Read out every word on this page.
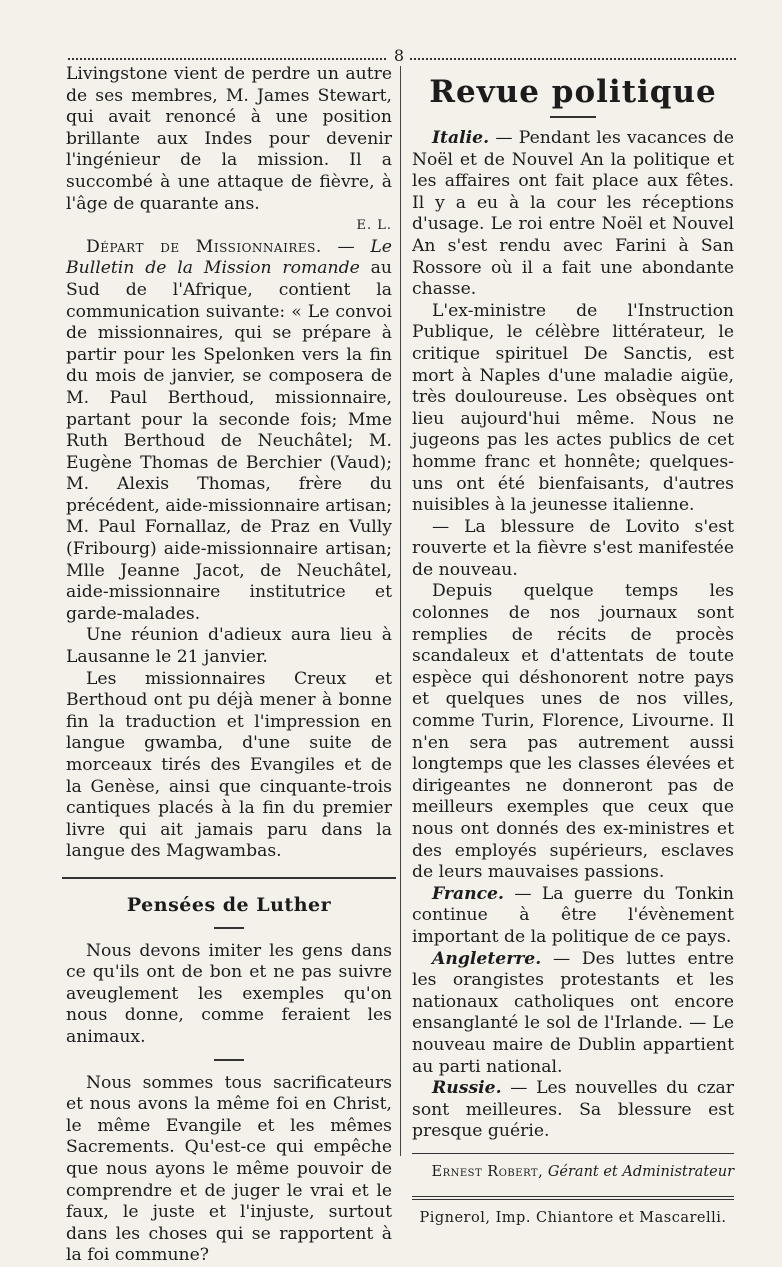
8

Livingstone vient de perdre un autre de ses membres, M. James Stewart, qui avait renoncé à une position brillante aux Indes pour devenir l'ingénieur de la mission. Il a succombé à une attaque de fièvre, à l'âge de quarante ans.

E. L.

Départ de Missionnaires. — Le Bulletin de la Mission romande au Sud de l'Afrique, contient la communication suivante: « Le convoi de missionnaires, qui se prépare à partir pour les Spelonken vers la fin du mois de janvier, se composera de M. Paul Berthoud, missionnaire, partant pour la seconde fois; Mme Ruth Berthoud de Neuchâtel; M. Eugène Thomas de Berchier (Vaud); M. Alexis Thomas, frère du précédent, aide-missionnaire artisan; M. Paul Fornallaz, de Praz en Vully (Fribourg) aide-missionnaire artisan; Mlle Jeanne Jacot, de Neuchâtel, aide-missionnaire institutrice et garde-malades.

Une réunion d'adieux aura lieu à Lausanne le 21 janvier.

Les missionnaires Creux et Berthoud ont pu déjà mener à bonne fin la traduction et l'impression en langue gwamba, d'une suite de morceaux tirés des Evangiles et de la Genèse, ainsi que cinquante-trois cantiques placés à la fin du premier livre qui ait jamais paru dans la langue des Magwambas.

Pensées de Luther

Nous devons imiter les gens dans ce qu'ils ont de bon et ne pas suivre aveuglement les exemples qu'on nous donne, comme feraient les animaux.

Nous sommes tous sacrificateurs et nous avons la même foi en Christ, le même Evangile et les mêmes Sacrements. Qu'est-ce qui empêche que nous ayons le même pouvoir de comprendre et de juger le vrai et le faux, le juste et l'injuste, surtout dans les choses qui se rapportent à la foi commune?

Revue politique

Italie. — Pendant les vacances de Noël et de Nouvel An la politique et les affaires ont fait place aux fêtes. Il y a eu à la cour les réceptions d'usage. Le roi entre Noël et Nouvel An s'est rendu avec Farini à San Rossore où il a fait une abondante chasse.

L'ex-ministre de l'Instruction Publique, le célèbre littérateur, le critique spirituel De Sanctis, est mort à Naples d'une maladie aigüe, très douloureuse. Les obsèques ont lieu aujourd'hui même. Nous ne jugeons pas les actes publics de cet homme franc et honnête; quelques-uns ont été bienfaisants, d'autres nuisibles à la jeunesse italienne.

— La blessure de Lovito s'est rouverte et la fièvre s'est manifestée de nouveau.

Depuis quelque temps les colonnes de nos journaux sont remplies de récits de procès scandaleux et d'attentats de toute espèce qui déshonorent notre pays et quelques unes de nos villes, comme Turin, Florence, Livourne. Il n'en sera pas autrement aussi longtemps que les classes élevées et dirigeantes ne donneront pas de meilleurs exemples que ceux que nous ont donnés des ex-ministres et des employés supérieurs, esclaves de leurs mauvaises passions.

France. — La guerre du Tonkin continue à être l'évènement important de la politique de ce pays.

Angleterre. — Des luttes entre les orangistes protestants et les nationaux catholiques ont encore ensanglanté le sol de l'Irlande. — Le nouveau maire de Dublin appartient au parti national.

Russie. — Les nouvelles du czar sont meilleures. Sa blessure est presque guérie.

Ernest Robert, Gérant et Administrateur
Pignerol, Imp. Chiantore et Mascarelli.
